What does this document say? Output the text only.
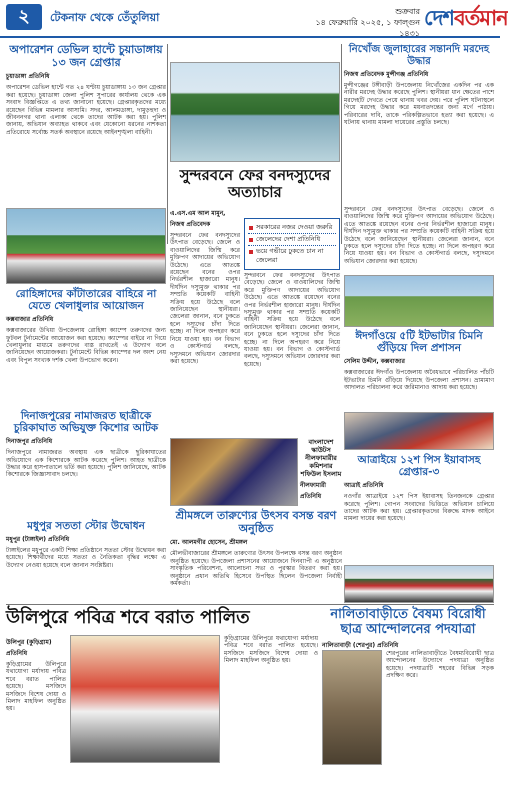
২	টেকনাফ থেকে তেঁতুলিয়া	শুক্রবার
১৪ ফেব্রুয়ারি ২০২৫, ১ ফাল্গুন ১৪৩১
দেশবর্তমান
অপারেশন ডেভিল হান্টে চুয়াডাঙ্গায় ১৩ জন গ্রেপ্তার
চুয়াডাঙ্গা প্রতিনিধি
অপারেশন ডেভিল হান্টে গত ২৪ ঘণ্টায় চুয়াডাঙ্গায় ১৩ জন গ্রেপ্তার করা হয়েছে। চুয়াডাঙ্গা জেলা পুলিশ সুপারের কার্যালয় থেকে এক সংবাদ বিজ্ঞপ্তিতে এ তথ্য জানানো হয়েছে। গ্রেপ্তারকৃতদের মধ্যে রয়েছেন বিভিন্ন মামলার আসামি। সদর, আলমডাঙ্গা, দামুড়হুদা ও জীবননগর থানা এলাকা থেকে তাদের আটক করা হয়। পুলিশ জানায়, অভিযান অব্যাহত থাকবে এবং যেকোনো ধরনের নাশকতা প্রতিরোধে সর্বোচ্চ সতর্ক অবস্থানে রয়েছে আইনশৃঙ্খলা বাহিনী।
নিখোঁজ জুলাহারের সন্তানদি মরদেহ উদ্ধার
নিজস্ব প্রতিবেদক মুন্সীগঞ্জ প্রতিনিধি
মুন্সীগঞ্জের টঙ্গীবাড়ী উপজেলায় নিখোঁজের একদিন পর এক নারীর মরদেহ উদ্ধার করেছে পুলিশ। স্থানীয়রা ধান ক্ষেতের পাশে মরদেহটি দেখতে পেয়ে থানায় খবর দেয়। পরে পুলিশ ঘটনাস্থলে গিয়ে মরদেহ উদ্ধার করে ময়নাতদন্তের জন্য মর্গে পাঠায়। পরিবারের দাবি, তাকে পরিকল্পিতভাবে হত্যা করা হয়েছে। এ ঘটনায় থানায় মামলা দায়েরের প্রস্তুতি চলছে।
সুন্দরবনে ফের বনদস্যুদের অত্যাচার
এ.এস.এম আল মামুন, নিজস্ব প্রতিবেদক
সুন্দরবনে ফের বনদস্যুদের উৎপাত বেড়েছে। জেলে ও বাওয়ালিদের জিম্মি করে মুক্তিপণ আদায়ের অভিযোগ উঠেছে। এতে আতঙ্কে রয়েছেন বনের ওপর নির্ভরশীল হাজারো মানুষ। দীর্ঘদিন দস্যুমুক্ত থাকার পর সম্প্রতি কয়েকটি বাহিনী সক্রিয় হয়ে উঠেছে বলে জানিয়েছেন স্থানীয়রা। জেলেরা জানান, বনে ঢুকতে হলে দস্যুদের চাঁদা দিতে হচ্ছে। না দিলে অপহরণ করে নিয়ে যাওয়া হয়। বন বিভাগ ও কোস্টগার্ড বলছে, দস্যুদমনে অভিযান জোরদার করা হয়েছে।
সরকারের নজর দেওয়া জরুরি
জেলেদের দেশা প্রতিনিধি
ভয়ে গভীরে ঢুকতে চান না জেলেরা
সুন্দরবনে ফের বনদস্যুদের উৎপাত বেড়েছে। জেলে ও বাওয়ালিদের জিম্মি করে মুক্তিপণ আদায়ের অভিযোগ উঠেছে। এতে আতঙ্কে রয়েছেন বনের ওপর নির্ভরশীল হাজারো মানুষ। দীর্ঘদিন দস্যুমুক্ত থাকার পর সম্প্রতি কয়েকটি বাহিনী সক্রিয় হয়ে উঠেছে বলে জানিয়েছেন স্থানীয়রা। জেলেরা জানান, বনে ঢুকতে হলে দস্যুদের চাঁদা দিতে হচ্ছে। না দিলে অপহরণ করে নিয়ে যাওয়া হয়। বন বিভাগ ও কোস্টগার্ড বলছে, দস্যুদমনে অভিযান জোরদার করা হয়েছে।
সুন্দরবনে ফের বনদস্যুদের উৎপাত বেড়েছে। জেলে ও বাওয়ালিদের জিম্মি করে মুক্তিপণ আদায়ের অভিযোগ উঠেছে। এতে আতঙ্কে রয়েছেন বনের ওপর নির্ভরশীল হাজারো মানুষ। দীর্ঘদিন দস্যুমুক্ত থাকার পর সম্প্রতি কয়েকটি বাহিনী সক্রিয় হয়ে উঠেছে বলে জানিয়েছেন স্থানীয়রা। জেলেরা জানান, বনে ঢুকতে হলে দস্যুদের চাঁদা দিতে হচ্ছে। না দিলে অপহরণ করে নিয়ে যাওয়া হয়। বন বিভাগ ও কোস্টগার্ড বলছে, দস্যুদমনে অভিযান জোরদার করা হয়েছে।
রোহিঙ্গাদের কাঁটাতারের বাহিরে না যেতে খেলাধুলার আয়োজন
কক্সবাজার প্রতিনিধি
কক্সবাজারের উখিয়া উপজেলায় রোহিঙ্গা ক্যাম্পে তরুণদের জন্য ফুটবল টুর্নামেন্টের আয়োজন করা হয়েছে। ক্যাম্পের বাইরে না গিয়ে খেলাধুলার মাধ্যমে তরুণদের ব্যস্ত রাখতেই এ উদ্যোগ বলে জানিয়েছেন আয়োজকরা। টুর্নামেন্টে বিভিন্ন ক্যাম্পের দল অংশ নেয় এবং বিপুল সংখ্যক দর্শক খেলা উপভোগ করেন।
ঈদগাঁওয়ে ৫টি ইটভাটার চিমনি গুঁড়িয়ে দিল প্রশাসন
সেলিম উদ্দীন, কক্সবাজার
কক্সবাজারের ঈদগাঁও উপজেলায় অবৈধভাবে পরিচালিত পাঁচটি ইটভাটার চিমনি গুঁড়িয়ে দিয়েছে উপজেলা প্রশাসন। ভ্রাম্যমাণ আদালত পরিচালনা করে জরিমানাও আদায় করা হয়েছে।
বাংলাদেশ স্কাউটস নীলফামারীর কমিশনার শফিউল ইসলাম
নীলফামারী প্রতিনিধি
দিনাজপুরের নামাজরত ছাত্রীকে চুরিকাঘাত অভিযুক্ত কিশোর আটক
দিনাজপুর প্রতিনিধি
দিনাজপুরে নামাজরত অবস্থায় এক ছাত্রীকে ছুরিকাঘাতের অভিযোগে এক কিশোরকে আটক করেছে পুলিশ। আহত ছাত্রীকে উদ্ধার করে হাসপাতালে ভর্তি করা হয়েছে। পুলিশ জানিয়েছে, আটক কিশোরকে জিজ্ঞাসাবাদ চলছে।
আত্রাইয়ে ১২শ পিস ইয়াবাসহ গ্রেপ্তার-৩
আত্রাই প্রতিনিধি
নওগাঁর আত্রাইয়ে ১২শ পিস ইয়াবাসহ তিনজনকে গ্রেপ্তার করেছে পুলিশ। গোপন সংবাদের ভিত্তিতে অভিযান চালিয়ে তাদের আটক করা হয়। গ্রেপ্তারকৃতদের বিরুদ্ধে মাদক আইনে মামলা দায়ের করা হয়েছে।
শ্রীমঙ্গলে তারুণ্যের উৎসব বসন্ত বরণ অনুষ্ঠিত
মো. আলমগীর হোসেন, শ্রীমঙ্গল
মৌলভীবাজারের শ্রীমঙ্গলে তারুণ্যের উৎসব উপলক্ষে বসন্ত বরণ অনুষ্ঠান অনুষ্ঠিত হয়েছে। উপজেলা প্রশাসনের আয়োজনে দিনব্যাপী এ অনুষ্ঠানে সাংস্কৃতিক পরিবেশনা, আলোচনা সভা ও পুরস্কার বিতরণ করা হয়। অনুষ্ঠানে প্রধান অতিথি হিসেবে উপস্থিত ছিলেন উপজেলা নির্বাহী কর্মকর্তা।
মধুপুর সততা স্টোর উদ্বোধন
মধুপুর (টাঙ্গাইল) প্রতিনিধি
টাঙ্গাইলের মধুপুরে একটি শিক্ষা প্রতিষ্ঠানে সততা স্টোর উদ্বোধন করা হয়েছে। শিক্ষার্থীদের মধ্যে সততা ও নৈতিকতা বৃদ্ধির লক্ষ্যে এ উদ্যোগ নেওয়া হয়েছে বলে জানান সংশ্লিষ্টরা।
উলিপুরে পবিত্র শবে বরাত পালিত
উলিপুর (কুড়িগ্রাম) প্রতিনিধি
কুড়িগ্রামের উলিপুরে যথাযোগ্য মর্যাদায় পবিত্র শবে বরাত পালিত হয়েছে। মসজিদে মসজিদে বিশেষ দোয়া ও মিলাদ মাহফিল অনুষ্ঠিত হয়।
কুড়িগ্রামের উলিপুরে যথাযোগ্য মর্যাদায় পবিত্র শবে বরাত পালিত হয়েছে। মসজিদে মসজিদে বিশেষ দোয়া ও মিলাদ মাহফিল অনুষ্ঠিত হয়।
নালিতাবাড়ীতে বৈষম্য বিরোধী ছাত্র আন্দোলনের পদযাত্রা
নালিতাবাড়ী (শেরপুর) প্রতিনিধি
শেরপুরের নালিতাবাড়ীতে বৈষম্যবিরোধী ছাত্র আন্দোলনের উদ্যোগে পদযাত্রা অনুষ্ঠিত হয়েছে। পদযাত্রাটি শহরের বিভিন্ন সড়ক প্রদক্ষিণ করে।
